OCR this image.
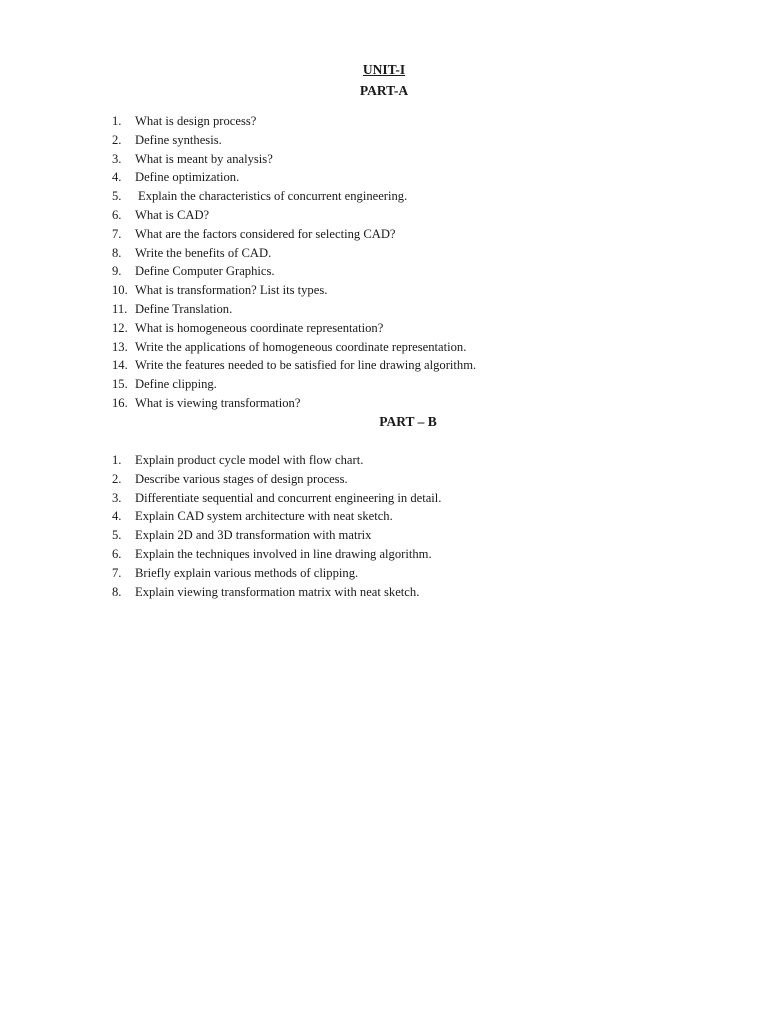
UNIT-I
PART-A
1. What is design process?
2. Define synthesis.
3. What is meant by analysis?
4. Define optimization.
5. Explain the characteristics of concurrent engineering.
6. What is CAD?
7. What are the factors considered for selecting CAD?
8. Write the benefits of CAD.
9. Define Computer Graphics.
10. What is transformation? List its types.
11. Define Translation.
12. What is homogeneous coordinate representation?
13. Write the applications of homogeneous coordinate representation.
14. Write the features needed to be satisfied for line drawing algorithm.
15. Define clipping.
16. What is viewing transformation?
PART – B
1. Explain product cycle model with flow chart.
2. Describe various stages of design process.
3. Differentiate sequential and concurrent engineering in detail.
4. Explain CAD system architecture with neat sketch.
5. Explain 2D and 3D transformation with matrix
6. Explain the techniques involved in line drawing algorithm.
7. Briefly explain various methods of clipping.
8. Explain viewing transformation matrix with neat sketch.
